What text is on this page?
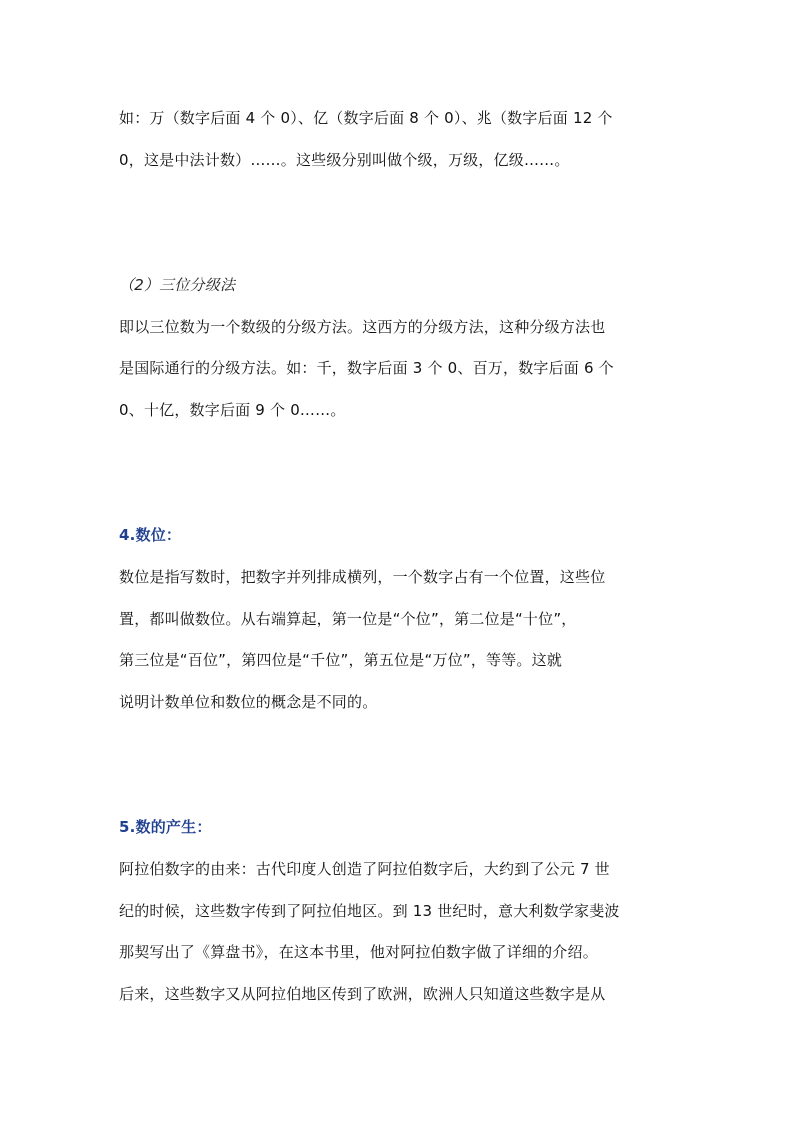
如：万（数字后面 4 个 0）、亿（数字后面 8 个 0）、兆（数字后面 12 个
0，这是中法计数）……。这些级分别叫做个级，万级，亿级……。
（2）三位分级法
即以三位数为一个数级的分级方法。这西方的分级方法，这种分级方法也
是国际通行的分级方法。如：千，数字后面 3 个 0、百万，数字后面 6 个
0、十亿，数字后面 9 个 0……。
4.数位：
数位是指写数时，把数字并列排成横列，一个数字占有一个位置，这些位
置，都叫做数位。从右端算起，第一位是“个位”，第二位是“十位”，
第三位是“百位”，第四位是“千位”，第五位是“万位”，等等。这就
说明计数单位和数位的概念是不同的。
5.数的产生：
阿拉伯数字的由来：古代印度人创造了阿拉伯数字后，大约到了公元 7 世
纪的时候，这些数字传到了阿拉伯地区。到 13 世纪时，意大利数学家斐波
那契写出了《算盘书》，在这本书里，他对阿拉伯数字做了详细的介绍。
后来，这些数字又从阿拉伯地区传到了欧洲，欧洲人只知道这些数字是从
